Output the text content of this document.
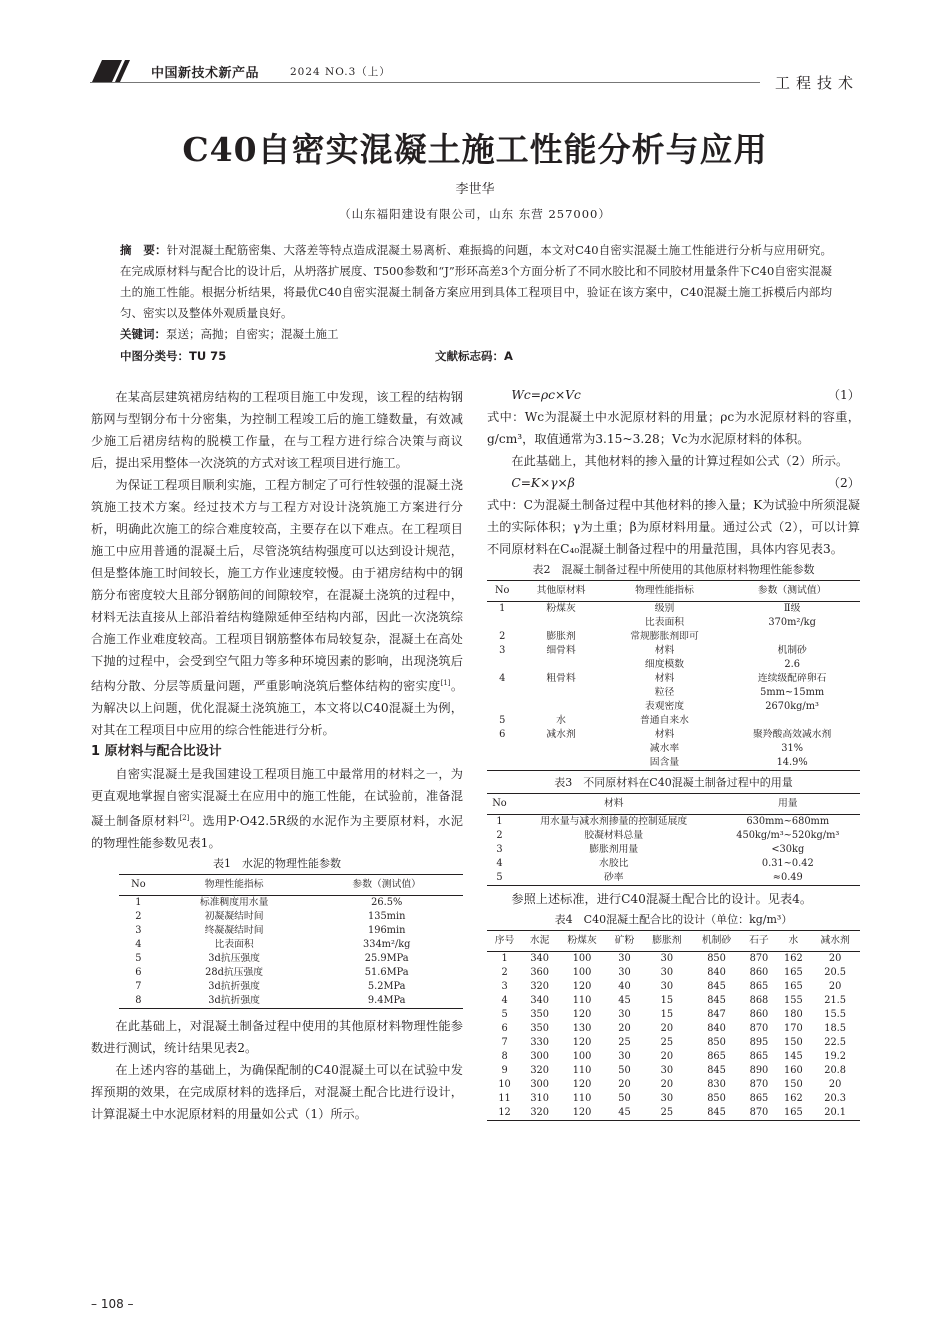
中国新技术新产品	2024 NO.3（上）
工程技术
C40自密实混凝土施工性能分析与应用
李世华
（山东福阳建设有限公司，山东 东营 257000）
摘　要：针对混凝土配筋密集、大落差等特点造成混凝土易离析、难振捣的问题，本文对C40自密实混凝土施工性能进行分析与应用研究。在完成原材料与配合比的设计后，从坍落扩展度、T500参数和“J”形环高差3个方面分析了不同水胶比和不同胶材用量条件下C40自密实混凝土的施工性能。根据分析结果，将最优C40自密实混凝土制备方案应用到具体工程项目中，验证在该方案中，C40混凝土施工拆模后内部均匀、密实以及整体外观质量良好。
关键词：泵送；高抛；自密实；混凝土施工
中图分类号：TU 75	文献标志码：A

在某高层建筑裙房结构的工程项目施工中发现，该工程的结构钢筋网与型钢分布十分密集，为控制工程竣工后的施工缝数量，有效减少施工后裙房结构的脱模工作量，在与工程方进行综合决策与商议后，提出采用整体一次浇筑的方式对该工程项目进行施工。

为保证工程项目顺利实施，工程方制定了可行性较强的混凝土浇筑施工技术方案。经过技术方与工程方对设计浇筑施工方案进行分析，明确此次施工的综合难度较高，主要存在以下难点。在工程项目施工中应用普通的混凝土后，尽管浇筑结构强度可以达到设计规范，但是整体施工时间较长，施工方作业速度较慢。由于裙房结构中的钢筋分布密度较大且部分钢筋间的间隙较窄，在混凝土浇筑的过程中，材料无法直接从上部沿着结构缝隙延伸至结构内部，因此一次浇筑综合施工作业难度较高。工程项目钢筋整体布局较复杂，混凝土在高处下抛的过程中，会受到空气阻力等多种环境因素的影响，出现浇筑后结构分散、分层等质量问题，严重影响浇筑后整体结构的密实度[1]。为解决以上问题，优化混凝土浇筑施工，本文将以C40混凝土为例，对其在工程项目中应用的综合性能进行分析。

1 原材料与配合比设计

自密实混凝土是我国建设工程项目施工中最常用的材料之一，为更直观地掌握自密实混凝土在应用中的施工性能，在试验前，准备混凝土制备原材料[2]。选用P·O42.5R级的水泥作为主要原材料，水泥的物理性能参数见表1。

表1　水泥的物理性能参数
No	物理性能指标	参数（测试值）
1	标准稠度用水量	26.5%
2	初凝凝结时间	135min
3	终凝凝结时间	196min
4	比表面积	334m²/kg
5	3d抗压强度	25.9MPa
6	28d抗压强度	51.6MPa
7	3d抗折强度	5.2MPa
8	3d抗折强度	9.4MPa

在此基础上，对混凝土制备过程中使用的其他原材料物理性能参数进行测试，统计结果见表2。

在上述内容的基础上，为确保配制的C40混凝土可以在试验中发挥预期的效果，在完成原材料的选择后，对混凝土配合比进行设计，计算混凝土中水泥原材料的用量如公式（1）所示。

Wc=ρc×Vc	（1）

式中：Wc为混凝土中水泥原材料的用量；ρc为水泥原材料的容重，g/cm³，取值通常为3.15~3.28；Vc为水泥原材料的体积。

在此基础上，其他材料的掺入量的计算过程如公式（2）所示。

C=K×γ×β	（2）

式中：C为混凝土制备过程中其他材料的掺入量；K为试验中所须混凝土的实际体积；γ为土重；β为原材料用量。通过公式（2），可以计算不同原材料在C₄₀混凝土制备过程中的用量范围，具体内容见表3。

表2　混凝土制备过程中所使用的其他原材料物理性能参数
No	其他原材料	物理性能指标	参数（测试值）
1	粉煤灰	级别	Ⅱ级
		比表面积	370m²/kg
2	膨胀剂	常规膨胀剂即可	
3	细骨料	材料	机制砂
		细度模数	2.6
4	粗骨料	材料	连续级配碎卵石
		粒径	5mm~15mm
		表观密度	2670kg/m³
5	水	普通自来水	
6	减水剂	材料	聚羚酸高效减水剂
		减水率	31%
		固含量	14.9%
表3　不同原材料在C40混凝土制备过程中的用量
No	材料	用量
1	用水量与减水剂掺量的控制延展度	630mm~680mm
2	胶凝材料总量	450kg/m³~520kg/m³
3	膨胀剂用量	<30kg
4	水胶比	0.31~0.42
5	砂率	≈0.49

参照上述标准，进行C40混凝土配合比的设计。见表4。

表4　C40混凝土配合比的设计（单位：kg/m³）
序号	水泥	粉煤灰	矿粉	膨胀剂	机制砂	石子	水	减水剂
1	340	100	30	30	850	870	162	20
2	360	100	30	30	840	860	165	20.5
3	320	120	40	30	845	865	165	20
4	340	110	45	15	845	868	155	21.5
5	350	120	30	15	847	860	180	15.5
6	350	130	20	20	840	870	170	18.5
7	330	120	25	25	850	895	150	22.5
8	300	100	30	20	865	865	145	19.2
9	320	110	50	30	845	890	160	20.8
10	300	120	20	20	830	870	150	20
11	310	110	50	30	850	865	162	20.3
12	320	120	45	25	845	870	165	20.1
– 108 –
